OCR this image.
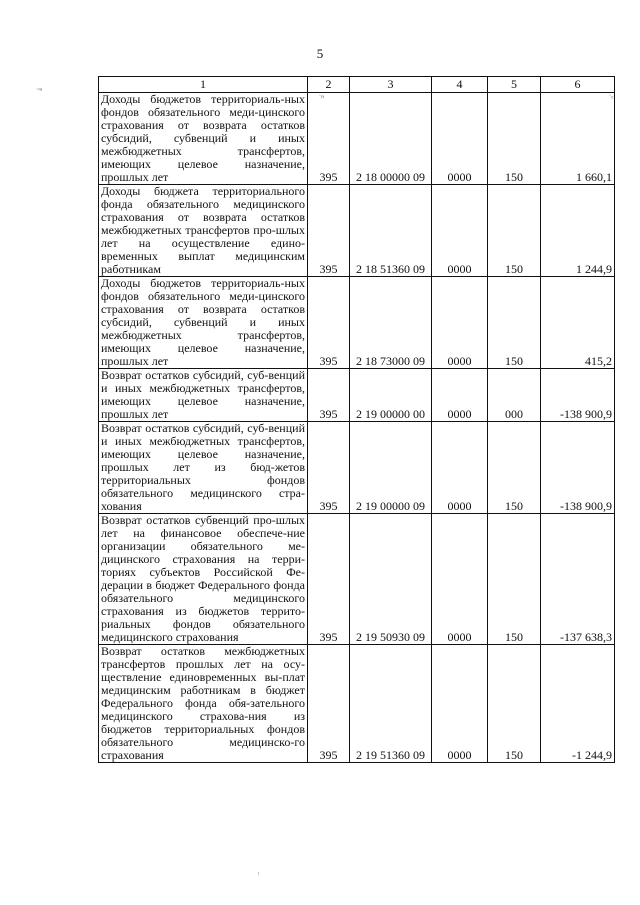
5
⁼ᵃ
˙ᴿ	˙ᶜ
ᵎ
1	2	3	4	5	6
Доходы бюджетов территориаль-ных фондов обязательного меди-цинского страхования от возврата остатков субсидий, субвенций и иных межбюджетных трансфертов, имеющих целевое назначение, прошлых лет	395	2 18 00000 09	0000	150	1 660,1
Доходы бюджета территориального фонда обязательного медицинского страхования от возврата остатков межбюджетных трансфертов про-шлых лет на осуществление едино-временных выплат медицинским работникам	395	2 18 51360 09	0000	150	1 244,9
Доходы бюджетов территориаль-ных фондов обязательного меди-цинского страхования от возврата остатков субсидий, субвенций и иных межбюджетных трансфертов, имеющих целевое назначение, прошлых лет	395	2 18 73000 09	0000	150	415,2
Возврат остатков субсидий, суб-венций и иных межбюджетных трансфертов, имеющих целевое назначение, прошлых лет	395	2 19 00000 00	0000	000	-138 900,9
Возврат остатков субсидий, суб-венций и иных межбюджетных трансфертов, имеющих целевое назначение, прошлых лет из бюд-жетов территориальных фондов обязательного медицинского стра-хования	395	2 19 00000 09	0000	150	-138 900,9
Возврат остатков субвенций про-шлых лет на финансовое обеспече-ние организации обязательного ме-дицинского страхования на терри-ториях субъектов Российской Фе-дерации в бюджет Федерального фонда обязательного медицинского страхования из бюджетов террито-риальных фондов обязательного медицинского страхования	395	2 19 50930 09	0000	150	-137 638,3
Возврат остатков межбюджетных трансфертов прошлых лет на осу-ществление единовременных вы-плат медицинским работникам в бюджет Федерального фонда обя-зательного медицинского страхова-ния из бюджетов территориальных фондов обязательного медицинско-го страхования	395	2 19 51360 09	0000	150	-1 244,9
